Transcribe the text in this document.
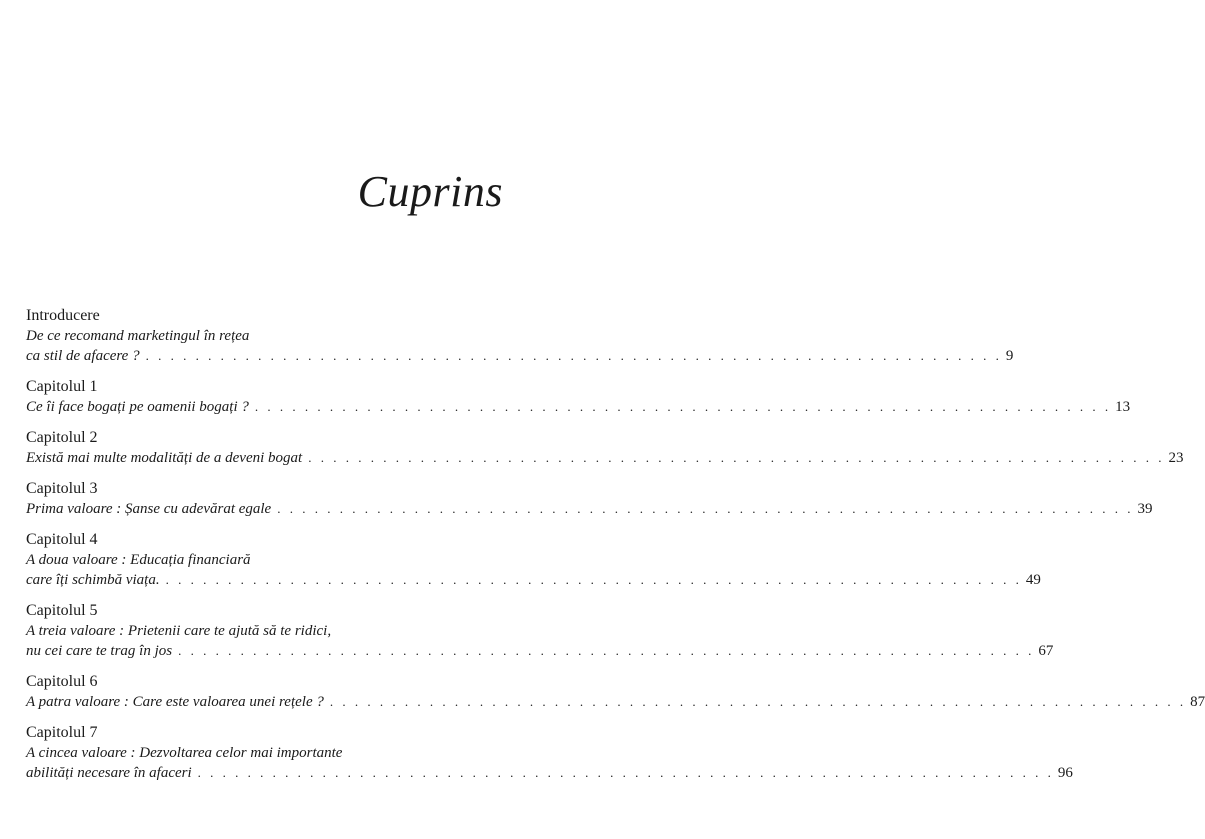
Cuprins
Introducere
De ce recomand marketingul în rețea
ca stil de afacere ? . . . . . . . . . . . . . . . . . . . . . . . . . . . . . . . . . . . . . . . . . . . . . . . . . . . . . . . . . . . . . . . . . . . . . 9
Capitolul 1
Ce îi face bogați pe oamenii bogați ? . . . . . . . . . . . . . . . . . . . . . . . . . . . . . . . . . . . . . . . . . . . . . . . . . . . . . . . . . . . . . . . . . . . . . 13
Capitolul 2
Există mai multe modalități de a deveni bogat . . . . . . . . . . . . . . . . . . . . . . . . . . . . . . . . . . . . . . . . . . . . . . . . . . . . . . . . . . . . . . . . . . . . . 23
Capitolul 3
Prima valoare : Șanse cu adevărat egale . . . . . . . . . . . . . . . . . . . . . . . . . . . . . . . . . . . . . . . . . . . . . . . . . . . . . . . . . . . . . . . . . . . . . 39
Capitolul 4
A doua valoare : Educația financiară
care îți schimbă viața. . . . . . . . . . . . . . . . . . . . . . . . . . . . . . . . . . . . . . . . . . . . . . . . . . . . . . . . . . . . . . . . . . . . . . 49
Capitolul 5
A treia valoare : Prietenii care te ajută să te ridici,
nu cei care te trag în jos . . . . . . . . . . . . . . . . . . . . . . . . . . . . . . . . . . . . . . . . . . . . . . . . . . . . . . . . . . . . . . . . . . . . . 67
Capitolul 6
A patra valoare : Care este valoarea unei rețele ? . . . . . . . . . . . . . . . . . . . . . . . . . . . . . . . . . . . . . . . . . . . . . . . . . . . . . . . . . . . . . . . . . . . . . 87
Capitolul 7
A cincea valoare : Dezvoltarea celor mai importante
abilități necesare în afaceri . . . . . . . . . . . . . . . . . . . . . . . . . . . . . . . . . . . . . . . . . . . . . . . . . . . . . . . . . . . . . . . . . . . . . 96
